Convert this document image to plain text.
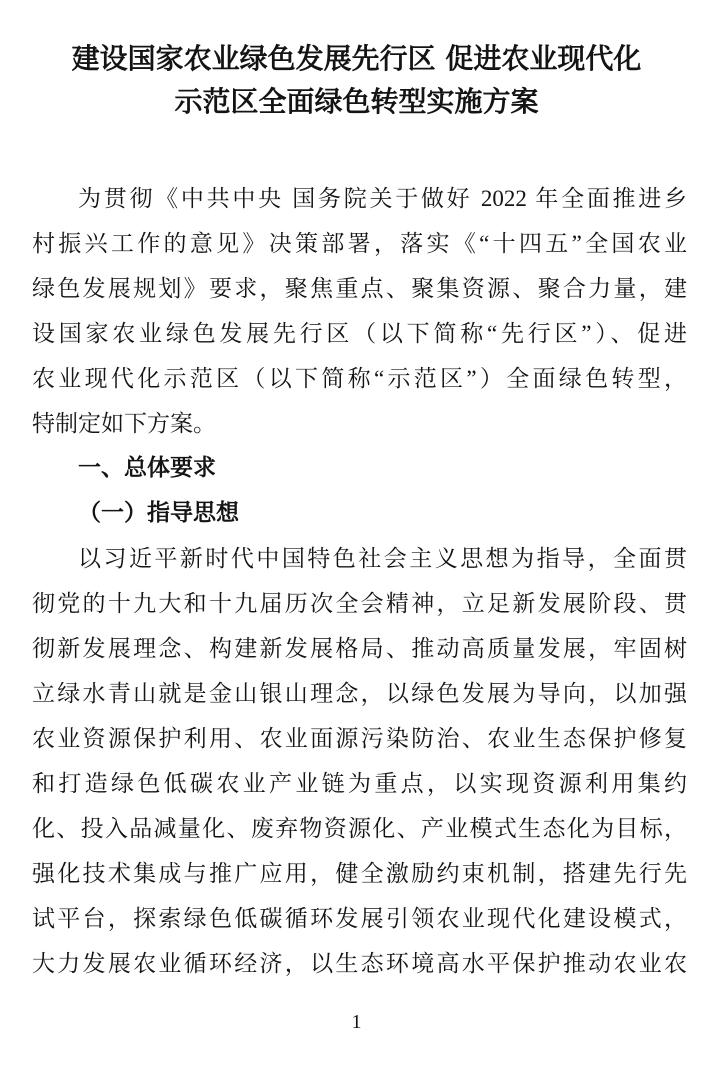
建设国家农业绿色发展先行区 促进农业现代化
示范区全面绿色转型实施方案
为贯彻《中共中央 国务院关于做好 2022 年全面推进乡
村振兴工作的意见》决策部署，落实《“十四五”全国农业
绿色发展规划》要求，聚焦重点、聚集资源、聚合力量，建
设国家农业绿色发展先行区（以下简称“先行区”）、促进
农业现代化示范区（以下简称“示范区”）全面绿色转型，
特制定如下方案。
一、总体要求
（一）指导思想
以习近平新时代中国特色社会主义思想为指导，全面贯
彻党的十九大和十九届历次全会精神，立足新发展阶段、贯
彻新发展理念、构建新发展格局、推动高质量发展，牢固树
立绿水青山就是金山银山理念，以绿色发展为导向，以加强
农业资源保护利用、农业面源污染防治、农业生态保护修复
和打造绿色低碳农业产业链为重点，以实现资源利用集约
化、投入品减量化、废弃物资源化、产业模式生态化为目标，
强化技术集成与推广应用，健全激励约束机制，搭建先行先
试平台，探索绿色低碳循环发展引领农业现代化建设模式，
大力发展农业循环经济，以生态环境高水平保护推动农业农
1
